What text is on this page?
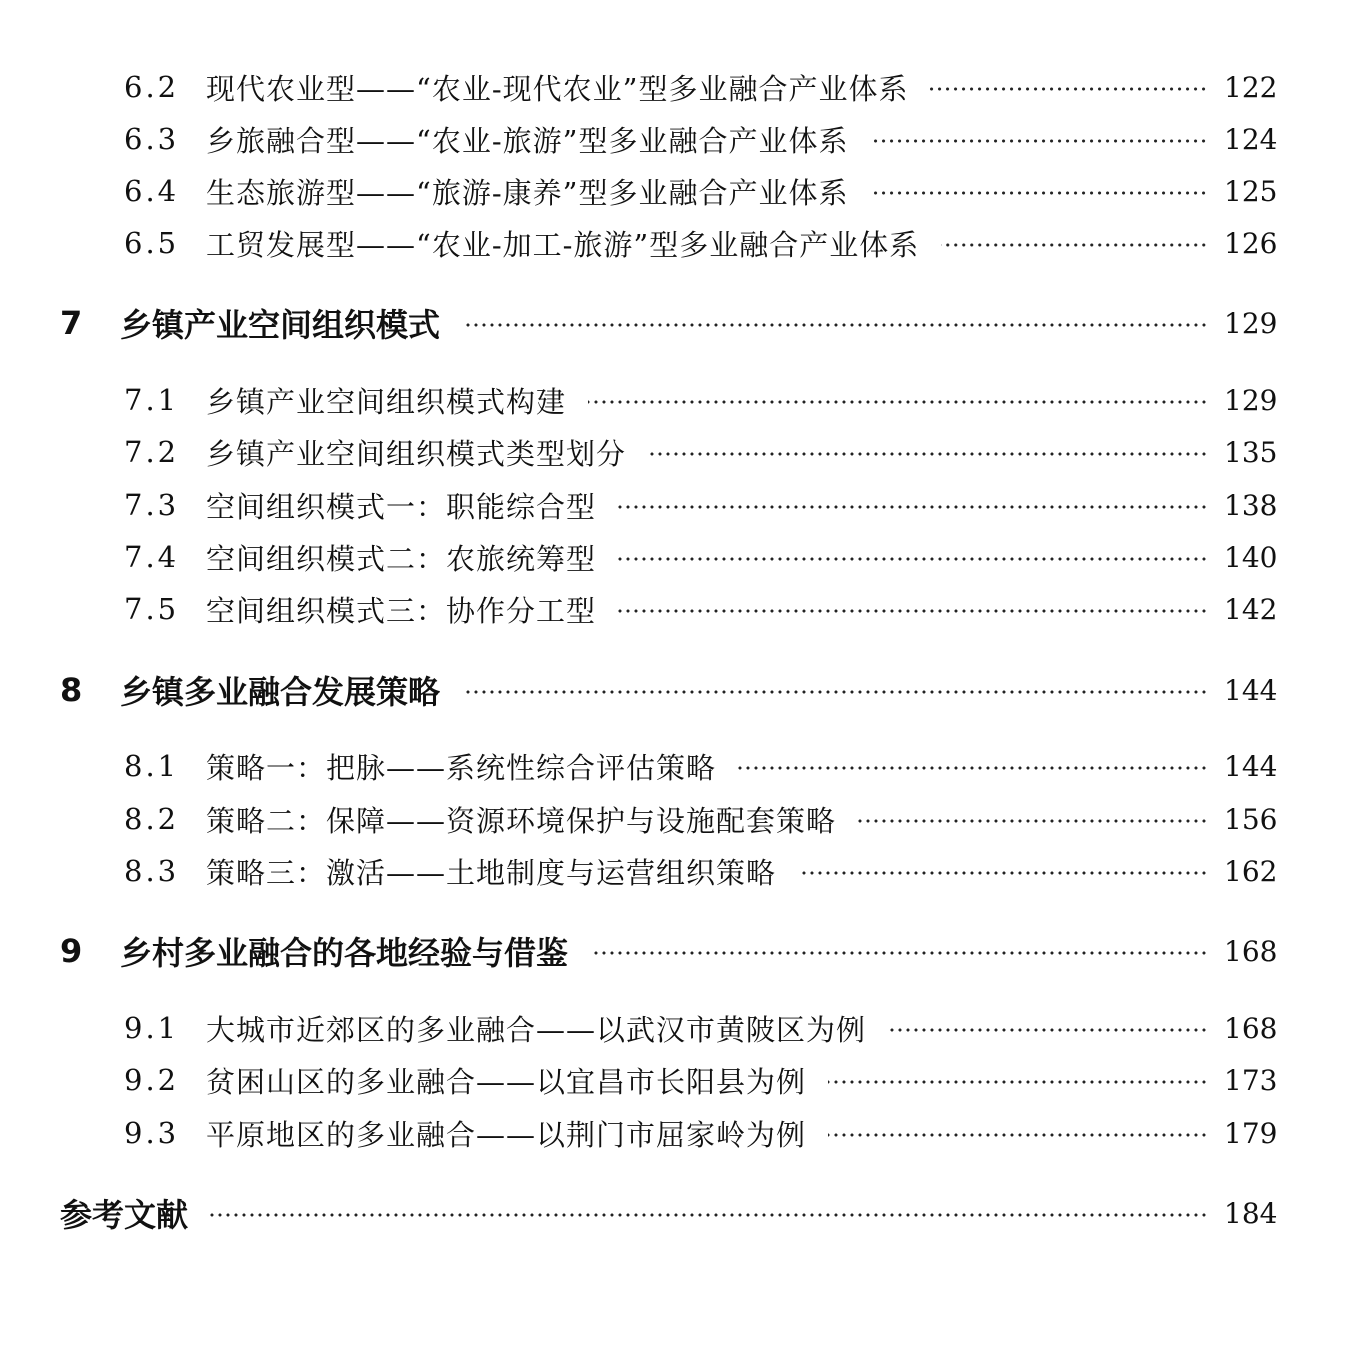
6.2 现代农业型——“农业-现代农业”型多业融合产业体系	122
6.3 乡旅融合型——“农业-旅游”型多业融合产业体系	124
6.4 生态旅游型——“旅游-康养”型多业融合产业体系	125
6.5 工贸发展型——“农业-加工-旅游”型多业融合产业体系	126
7	乡镇产业空间组织模式	129
7.1 乡镇产业空间组织模式构建	129
7.2 乡镇产业空间组织模式类型划分	135
7.3 空间组织模式一：职能综合型	138
7.4 空间组织模式二：农旅统筹型	140
7.5 空间组织模式三：协作分工型	142
8	乡镇多业融合发展策略	144
8.1 策略一：把脉——系统性综合评估策略	144
8.2 策略二：保障——资源环境保护与设施配套策略	156
8.3 策略三：激活——土地制度与运营组织策略	162
9	乡村多业融合的各地经验与借鉴	168
9.1 大城市近郊区的多业融合——以武汉市黄陂区为例	168
9.2 贫困山区的多业融合——以宜昌市长阳县为例	173
9.3 平原地区的多业融合——以荆门市屈家岭为例	179
参考文献	184
